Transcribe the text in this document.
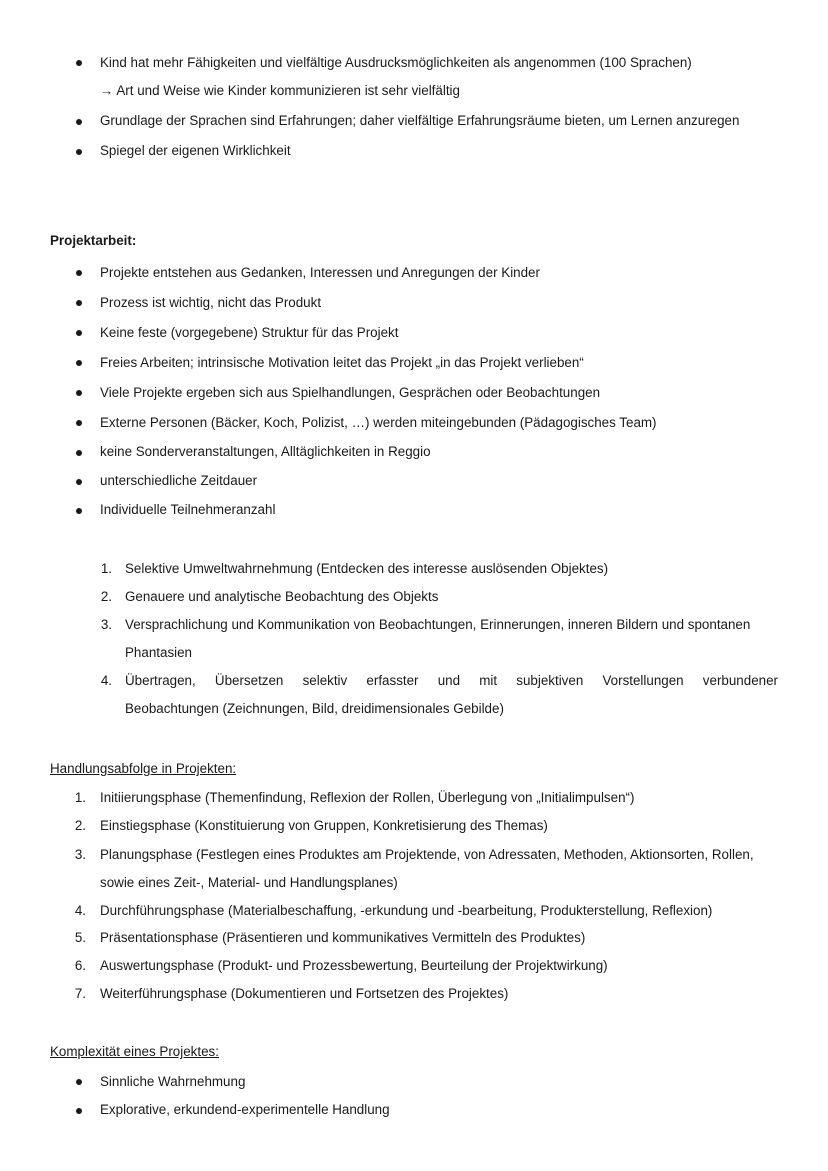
Kind hat mehr Fähigkeiten und vielfältige Ausdrucksmöglichkeiten als angenommen (100 Sprachen)
→ Art und Weise wie Kinder kommunizieren ist sehr vielfältig
Grundlage der Sprachen sind Erfahrungen; daher vielfältige Erfahrungsräume bieten, um Lernen anzuregen
Spiegel der eigenen Wirklichkeit
Projektarbeit:
Projekte entstehen aus Gedanken, Interessen und Anregungen der Kinder
Prozess ist wichtig, nicht das Produkt
Keine feste (vorgegebene) Struktur für das Projekt
Freies Arbeiten; intrinsische Motivation leitet das Projekt „in das Projekt verlieben“
Viele Projekte ergeben sich aus Spielhandlungen, Gesprächen oder Beobachtungen
Externe Personen (Bäcker, Koch, Polizist, …) werden miteingebunden (Pädagogisches Team)
keine Sonderveranstaltungen, Alltäglichkeiten in Reggio
unterschiedliche Zeitdauer
Individuelle Teilnehmeranzahl
1. Selektive Umweltwahrnehmung (Entdecken des interesse auslösenden Objektes)
2. Genauere und analytische Beobachtung des Objekts
3. Versprachlichung und Kommunikation von Beobachtungen, Erinnerungen, inneren Bildern und spontanen
Phantasien
4. Übertragen, Übersetzen selektiv erfasster und mit subjektiven Vorstellungen verbundener
Beobachtungen (Zeichnungen, Bild, dreidimensionales Gebilde)
Handlungsabfolge in Projekten:
1. Initiierungsphase (Themenfindung, Reflexion der Rollen, Überlegung von „Initialimpulsen“)
2. Einstiegsphase (Konstituierung von Gruppen, Konkretisierung des Themas)
3. Planungsphase (Festlegen eines Produktes am Projektende, von Adressaten, Methoden, Aktionsorten, Rollen,
sowie eines Zeit-, Material- und Handlungsplanes)
4. Durchführungsphase (Materialbeschaffung, -erkundung und -bearbeitung, Produkterstellung, Reflexion)
5. Präsentationsphase (Präsentieren und kommunikatives Vermitteln des Produktes)
6. Auswertungsphase (Produkt- und Prozessbewertung, Beurteilung der Projektwirkung)
7. Weiterführungsphase (Dokumentieren und Fortsetzen des Projektes)
Komplexität eines Projektes:
Sinnliche Wahrnehmung
Explorative, erkundend-experimentelle Handlung
